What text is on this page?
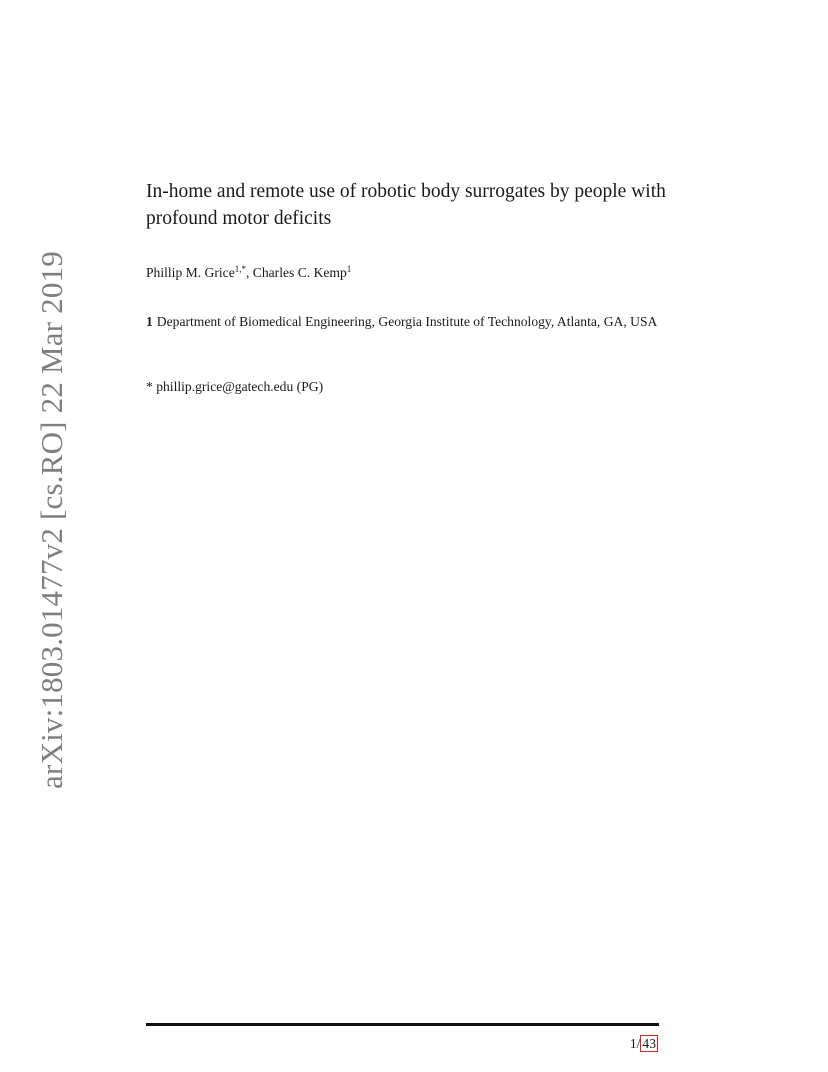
arXiv:1803.01477v2 [cs.RO] 22 Mar 2019
In-home and remote use of robotic body surrogates by people with profound motor deficits
Phillip M. Grice$^{1,*}$, Charles C. Kemp$^1$
1 Department of Biomedical Engineering, Georgia Institute of Technology, Atlanta, GA, USA
* phillip.grice@gatech.edu (PG)
1/ 43
